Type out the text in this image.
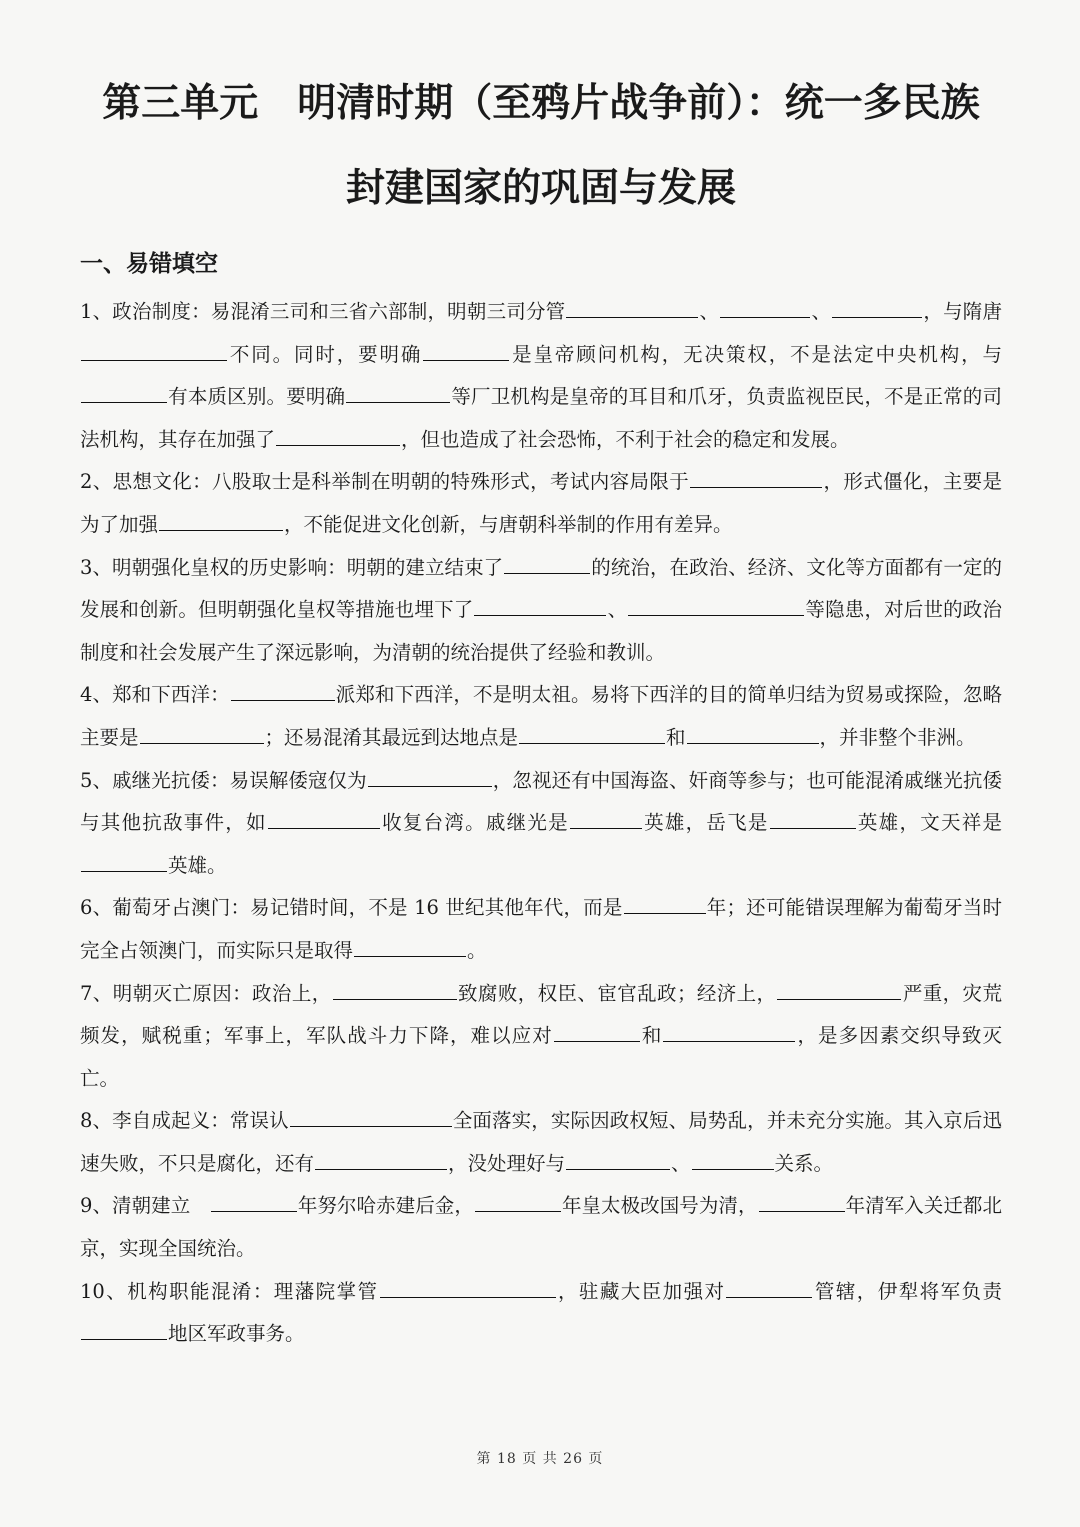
第三单元　明清时期（至鸦片战争前）：统一多民族
封建国家的巩固与发展
一、易错填空

1、政治制度：易混淆三司和三省六部制，明朝三司分管	、	、	，与隋唐不同。同时，要明确	是皇帝顾问机构，无决策权，不是法定中央机构，与有本质区别。要明确	等厂卫机构是皇帝的耳目和爪牙，负责监视臣民，不是正常的司法机构，其存在加强了	，但也造成了社会恐怖，不利于社会的稳定和发展。

2、思想文化：八股取士是科举制在明朝的特殊形式，考试内容局限于	，形式僵化，主要是为了加强	，不能促进文化创新，与唐朝科举制的作用有差异。

3、明朝强化皇权的历史影响：明朝的建立结束了	的统治，在政治、经济、文化等方面都有一定的发展和创新。但明朝强化皇权等措施也埋下了	、	等隐患，对后世的政治制度和社会发展产生了深远影响，为清朝的统治提供了经验和教训。

4、郑和下西洋：	派郑和下西洋，不是明太祖。易将下西洋的目的简单归结为贸易或探险，忽略主要是	；还易混淆其最远到达地点是	和	，并非整个非洲。

5、戚继光抗倭：易误解倭寇仅为	，忽视还有中国海盗、奸商等参与；也可能混淆戚继光抗倭与其他抗敌事件，如	收复台湾。戚继光是	英雄，岳飞是	英雄，文天祥是英雄。

6、葡萄牙占澳门：易记错时间，不是 16 世纪其他年代，而是	年；还可能错误理解为葡萄牙当时完全占领澳门，而实际只是取得	。

7、明朝灭亡原因：政治上，	致腐败，权臣、宦官乱政；经济上，	严重，灾荒频发，赋税重；军事上，军队战斗力下降，难以应对	和	，是多因素交织导致灭亡。

8、李自成起义：常误认	全面落实，实际因政权短、局势乱，并未充分实施。其入京后迅速失败，不只是腐化，还有	，没处理好与	、	关系。

9、清朝建立　	年努尔哈赤建后金，	年皇太极改国号为清，	年清军入关迁都北京，实现全国统治。

10、机构职能混淆：理藩院掌管	，驻藏大臣加强对	管辖，伊犁将军负责地区军政事务。

第 18 页 共 26 页
